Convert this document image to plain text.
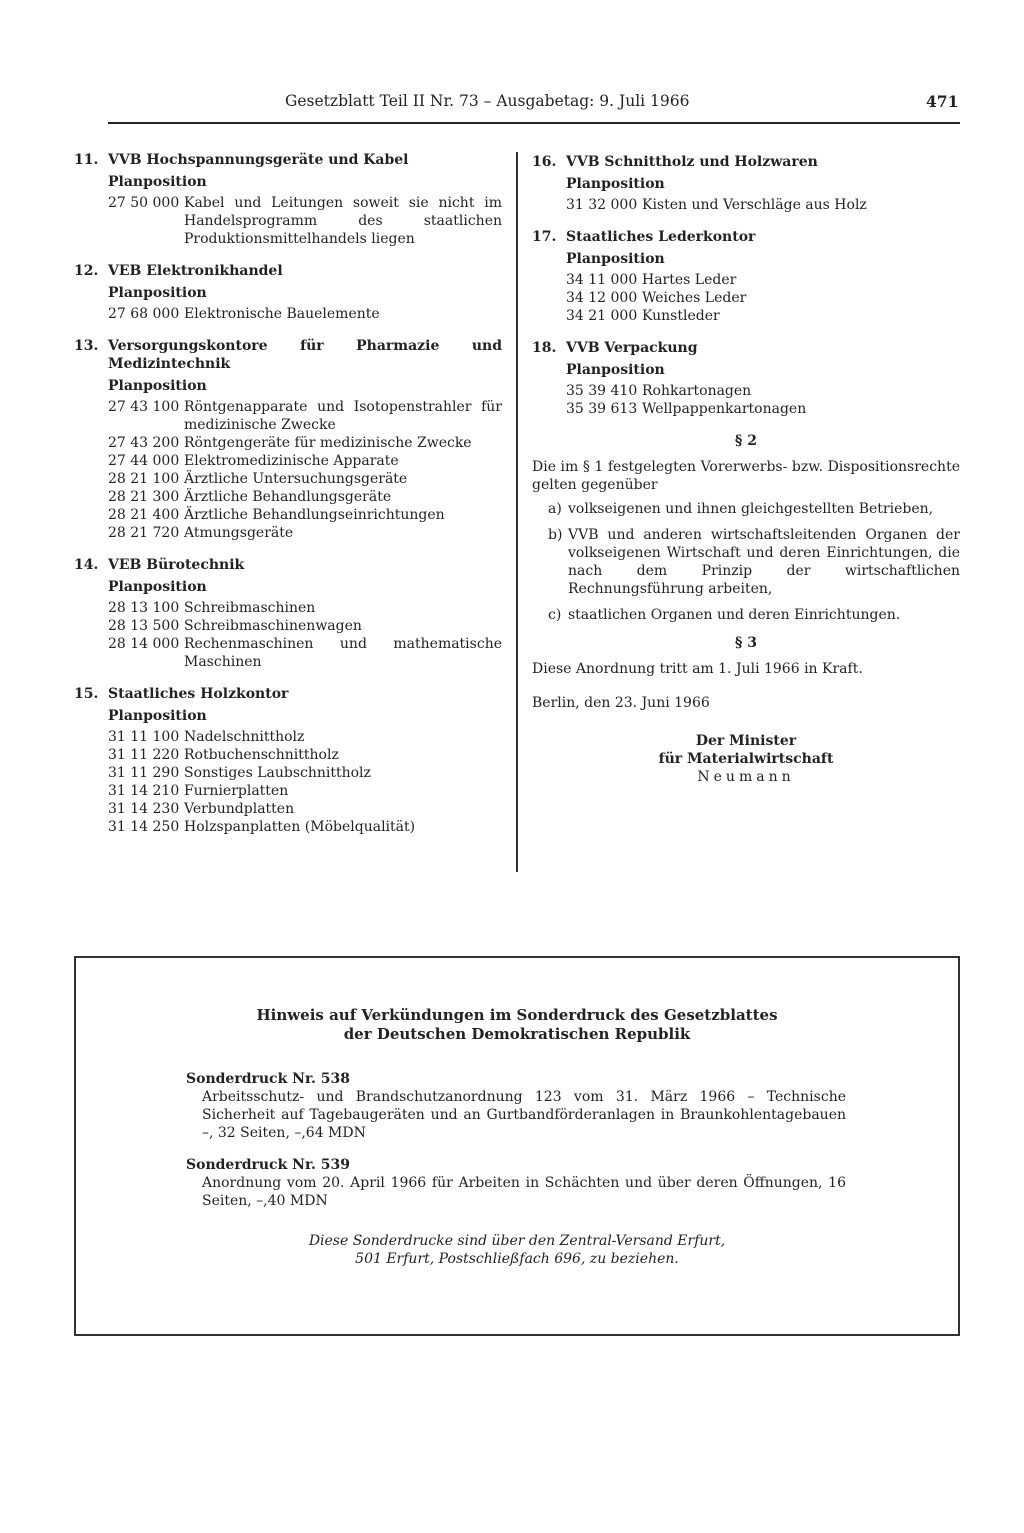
Gesetzblatt Teil II Nr. 73 – Ausgabetag: 9. Juli 1966	471
11. VVB Hochspannungsgeräte und Kabel
Planposition
27 50 000 Kabel und Leitungen soweit sie nicht im Handelsprogramm des staatlichen Produktionsmittelhandels liegen
12. VEB Elektronikhandel
Planposition
27 68 000 Elektronische Bauelemente
13. Versorgungskontore für Pharmazie und Medizintechnik
Planposition
27 43 100 Röntgenapparate und Isotopenstrahler für medizinische Zwecke
27 43 200 Röntgengeräte für medizinische Zwecke
27 44 000 Elektromedizinische Apparate
28 21 100 Ärztliche Untersuchungsgeräte
28 21 300 Ärztliche Behandlungsgeräte
28 21 400 Ärztliche Behandlungseinrichtungen
28 21 720 Atmungsgeräte
14. VEB Bürotechnik
Planposition
28 13 100 Schreibmaschinen
28 13 500 Schreibmaschinenwagen
28 14 000 Rechenmaschinen und mathematische Maschinen
15. Staatliches Holzkontor
Planposition
31 11 100 Nadelschnittholz
31 11 220 Rotbuchenschnittholz
31 11 290 Sonstiges Laubschnittholz
31 14 210 Furnierplatten
31 14 230 Verbundplatten
31 14 250 Holzspanplatten (Möbelqualität)
16. VVB Schnittholz und Holzwaren
Planposition
31 32 000 Kisten und Verschläge aus Holz
17. Staatliches Lederkontor
Planposition
34 11 000 Hartes Leder
34 12 000 Weiches Leder
34 21 000 Kunstleder
18. VVB Verpackung
Planposition
35 39 410 Rohkartonagen
35 39 613 Wellpappenkartonagen
§ 2
Die im § 1 festgelegten Vorerwerbs- bzw. Dispositionsrechte gelten gegenüber
a) volkseigenen und ihnen gleichgestellten Betrieben,
b) VVB und anderen wirtschaftsleitenden Organen der volkseigenen Wirtschaft und deren Einrichtungen, die nach dem Prinzip der wirtschaftlichen Rechnungsführung arbeiten,
c) staatlichen Organen und deren Einrichtungen.
§ 3
Diese Anordnung tritt am 1. Juli 1966 in Kraft.
Berlin, den 23. Juni 1966
Der Minister
für Materialwirtschaft
Neumann
Hinweis auf Verkündungen im Sonderdruck des Gesetzblattes
der Deutschen Demokratischen Republik
Sonderdruck Nr. 538
Arbeitsschutz- und Brandschutzanordnung 123 vom 31. März 1966 – Technische Sicherheit auf Tagebaugeräten und an Gurtbandförderanlagen in Braunkohlentagebauen –, 32 Seiten, –,64 MDN
Sonderdruck Nr. 539
Anordnung vom 20. April 1966 für Arbeiten in Schächten und über deren Öffnungen, 16 Seiten, –,40 MDN
Diese Sonderdrucke sind über den Zentral-Versand Erfurt,
501 Erfurt, Postschließfach 696, zu beziehen.
